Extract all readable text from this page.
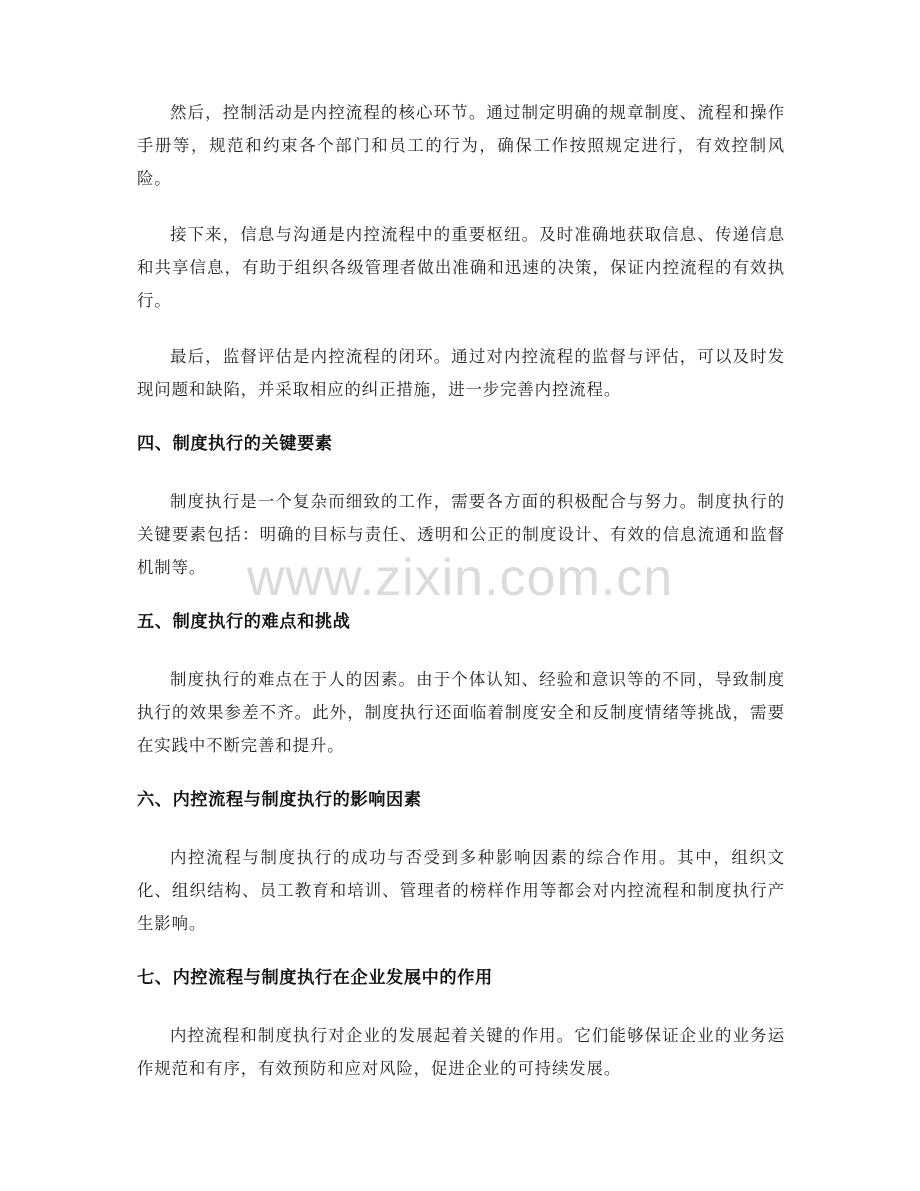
然后，控制活动是内控流程的核心环节。通过制定明确的规章制度、流程和操作手册等，规范和约束各个部门和员工的行为，确保工作按照规定进行，有效控制风险。

接下来，信息与沟通是内控流程中的重要枢纽。及时准确地获取信息、传递信息和共享信息，有助于组织各级管理者做出准确和迅速的决策，保证内控流程的有效执行。

最后，监督评估是内控流程的闭环。通过对内控流程的监督与评估，可以及时发现问题和缺陷，并采取相应的纠正措施，进一步完善内控流程。

四、制度执行的关键要素

制度执行是一个复杂而细致的工作，需要各方面的积极配合与努力。制度执行的关键要素包括：明确的目标与责任、透明和公正的制度设计、有效的信息流通和监督机制等。

五、制度执行的难点和挑战

制度执行的难点在于人的因素。由于个体认知、经验和意识等的不同，导致制度执行的效果参差不齐。此外，制度执行还面临着制度安全和反制度情绪等挑战，需要在实践中不断完善和提升。

六、内控流程与制度执行的影响因素

内控流程与制度执行的成功与否受到多种影响因素的综合作用。其中，组织文化、组织结构、员工教育和培训、管理者的榜样作用等都会对内控流程和制度执行产生影响。

七、内控流程与制度执行在企业发展中的作用

内控流程和制度执行对企业的发展起着关键的作用。它们能够保证企业的业务运作规范和有序，有效预防和应对风险，促进企业的可持续发展。

www.zixin.com.cn
